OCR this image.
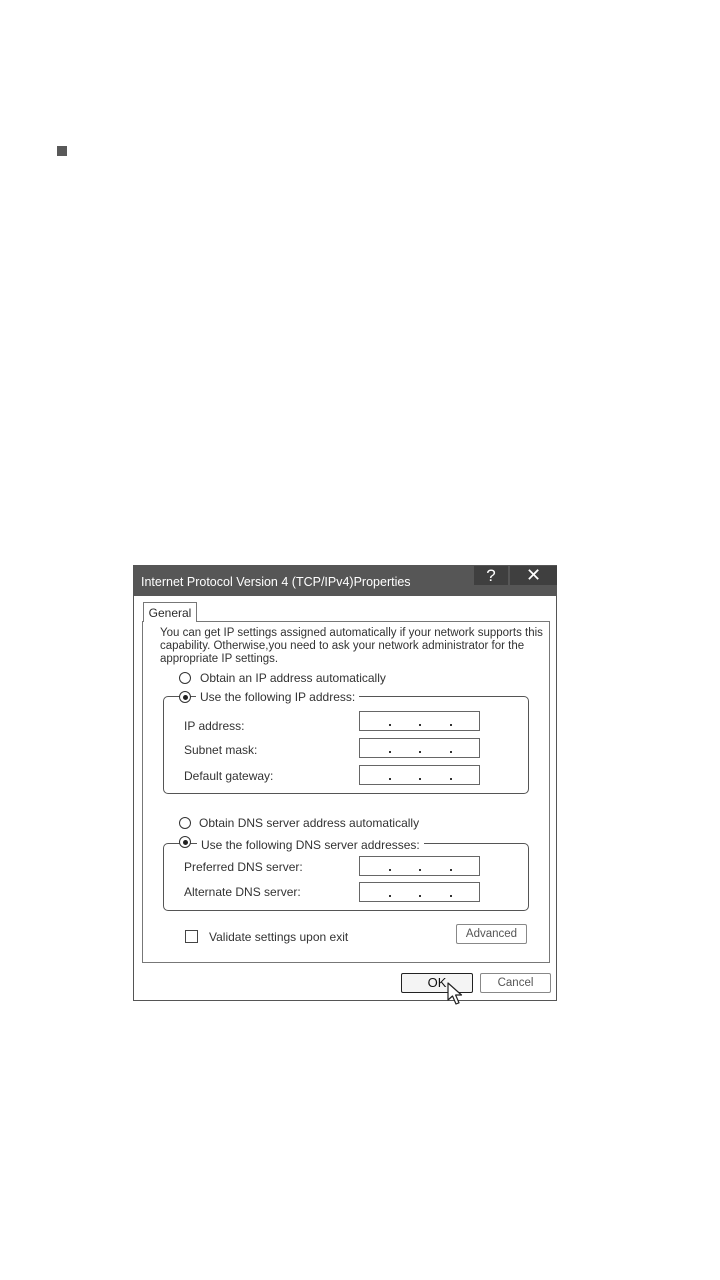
Internet Protocol Version 4 (TCP/IPv4)Properties	?	✕
General
You can get IP settings assigned automatically if your network supports this capability. Otherwise,you need to ask your network administrator for the appropriate IP settings.
Obtain an IP address automatically
Use the following IP address:
IP address:
Subnet mask:
Default gateway:
Obtain DNS server address automatically
Use the following DNS server addresses:
Preferred DNS server:
Alternate DNS server:
Validate settings upon exit	Advanced
OK	Cancel
